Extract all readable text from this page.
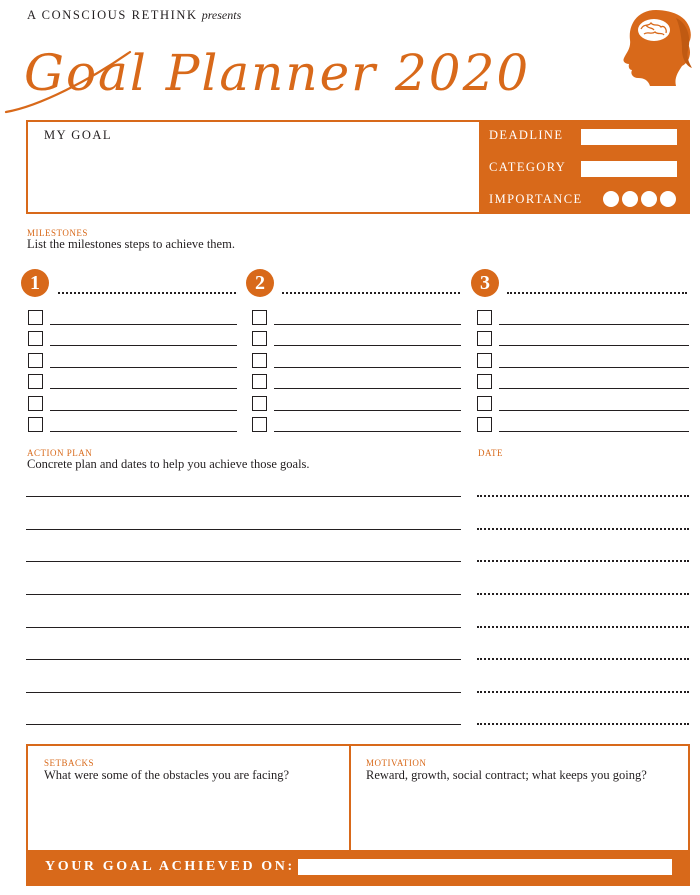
A CONSCIOUS RETHINK presents
Goal Planner 2020
MY GOAL	DEADLINE
CATEGORY
IMPORTANCE
MILESTONES
List the milestones steps to achieve them.
1	2	3
ACTION PLAN
Concrete plan and dates to help you achieve those goals.
DATE
SETBACKS
What were some of the obstacles you are facing?
MOTIVATION
Reward, growth, social contract; what keeps you going?
YOUR GOAL ACHIEVED ON:
